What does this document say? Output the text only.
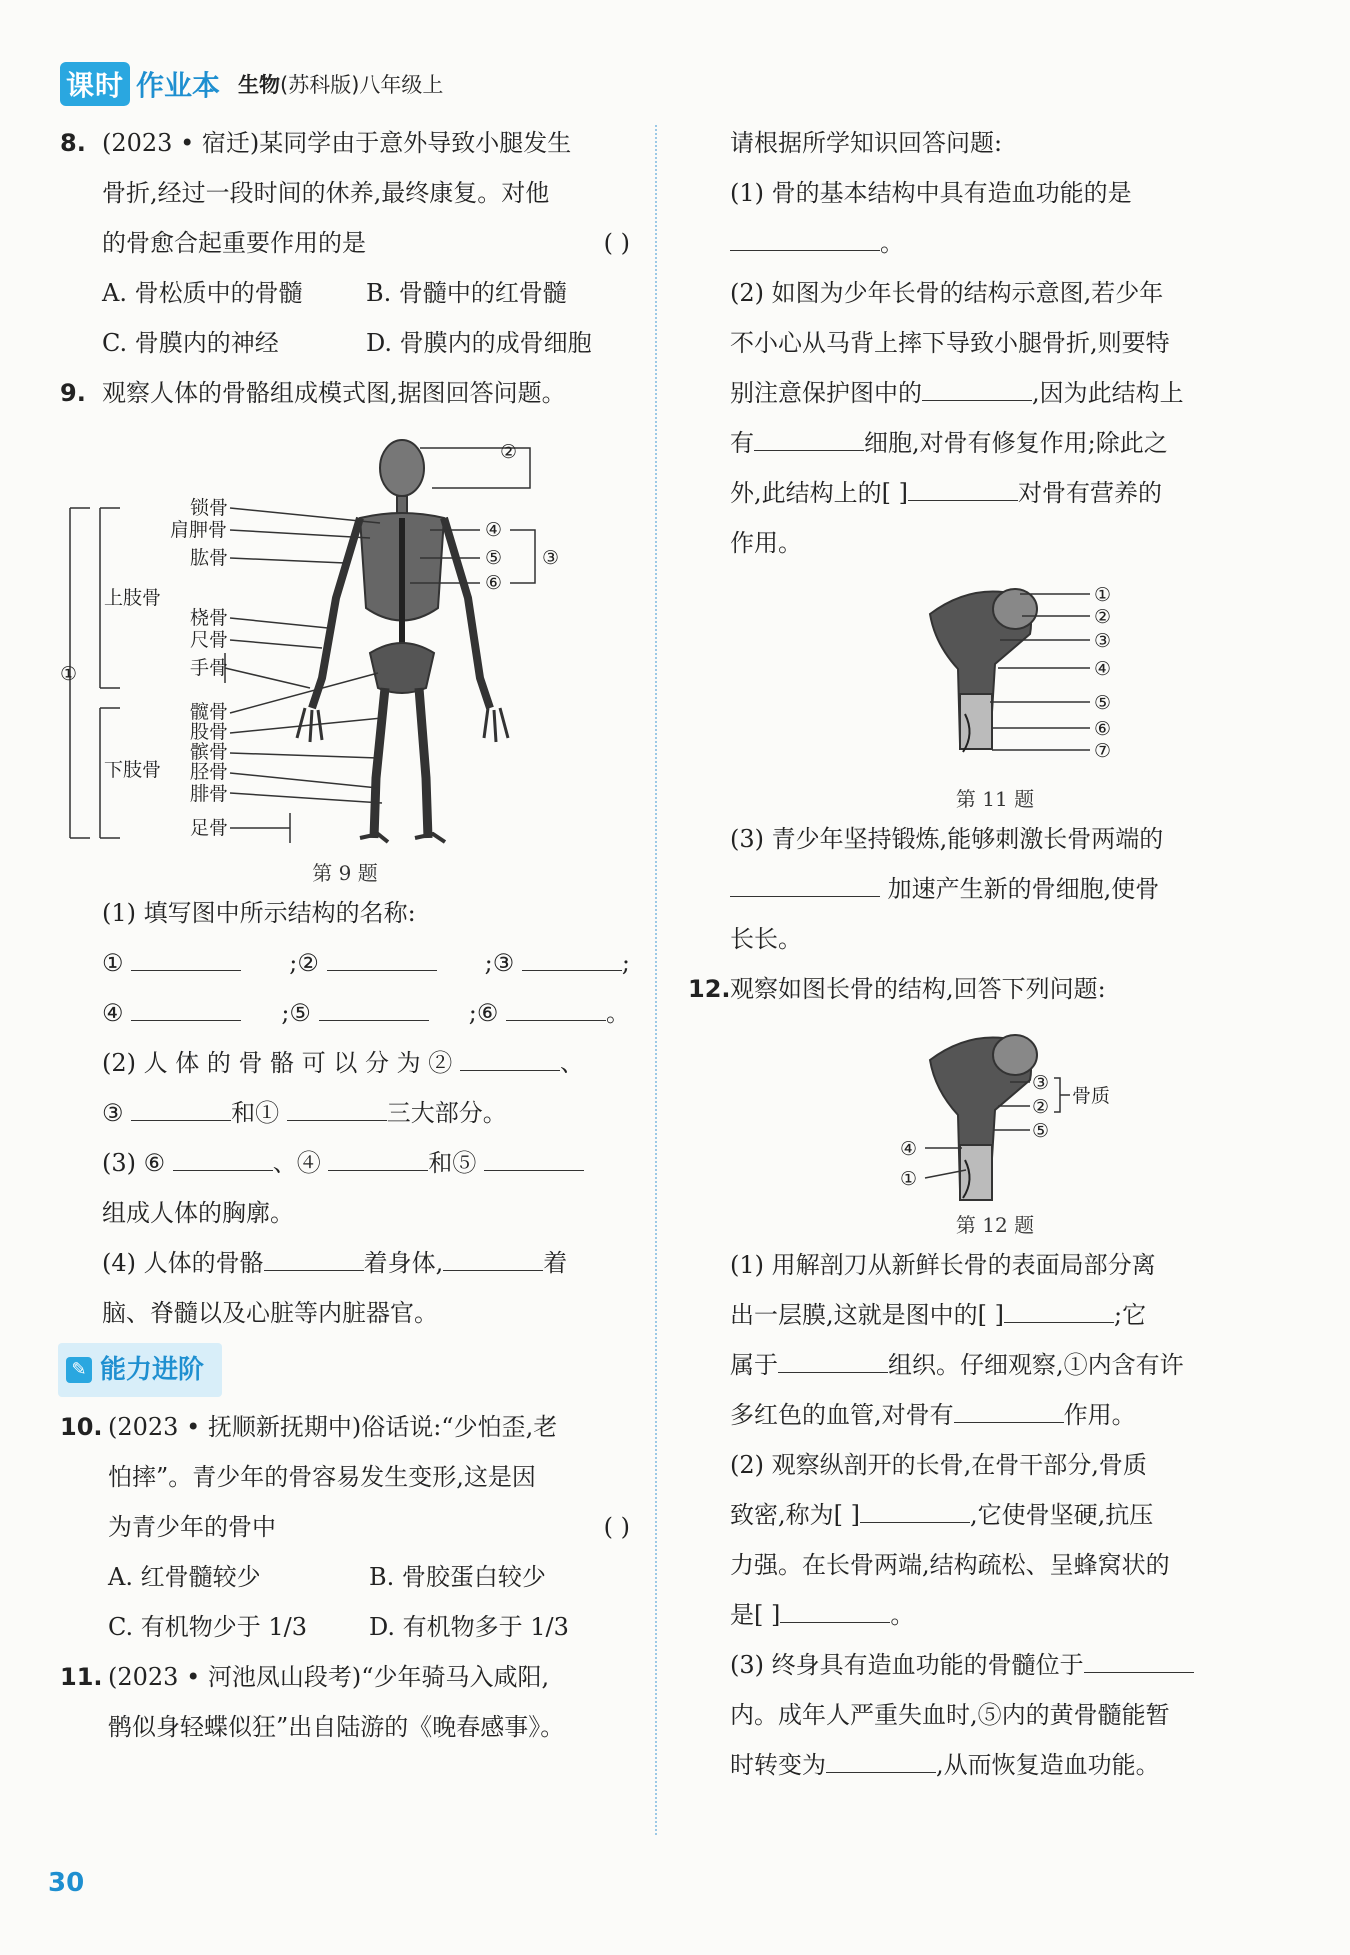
课时 作业本 生物(苏科版)八年级上
8. (2023 • 宿迁)某同学由于意外导致小腿发生
骨折,经过一段时间的休养,最终康复。对他
的骨愈合起重要作用的是	( )
A. 骨松质中的骨髓	B. 骨髓中的红骨髓
C. 骨膜内的神经	D. 骨膜内的成骨细胞
9. 观察人体的骨骼组成模式图,据图回答问题。
②
锁骨
肩胛骨
肱骨
上肢骨
桡骨
尺骨
手骨
①
髋骨
股骨
髌骨
下肢骨 胫骨
腓骨
足骨
④
⑤
⑥
③
第 9 题
(1) 填写图中所示结构的名称:
①	;②	;③	;
④	;⑤	;⑥	。
(2) 人 体 的 骨 骼 可 以 分 为 ②	、
③	和①	三大部分。
(3) ⑥	、④	和⑤
组成人体的胸廓。
(4) 人体的骨骼	着身体,	着
脑、脊髓以及心脏等内脏器官。
✎ 能力进阶
10. (2023 • 抚顺新抚期中)俗话说:“少怕歪,老
怕摔”。青少年的骨容易发生变形,这是因
为青少年的骨中	( )
A. 红骨髓较少	B. 骨胶蛋白较少
C. 有机物少于 1/3	D. 有机物多于 1/3
11. (2023 • 河池凤山段考)“少年骑马入咸阳,
鹘似身轻蝶似狂”出自陆游的《晚春感事》。
请根据所学知识回答问题:
(1) 骨的基本结构中具有造血功能的是
。
(2) 如图为少年长骨的结构示意图,若少年
不小心从马背上摔下导致小腿骨折,则要特
别注意保护图中的	,因为此结构上
有	细胞,对骨有修复作用;除此之
外,此结构上的[ ]	对骨有营养的
作用。
①
②
③
④
⑤
⑥
⑦
第 11 题
(3) 青少年坚持锻炼,能够刺激长骨两端的
加速产生新的骨细胞,使骨
长长。
12. 观察如图长骨的结构,回答下列问题:
③
②
⑤
④
①
骨质
第 12 题
(1) 用解剖刀从新鲜长骨的表面局部分离
出一层膜,这就是图中的[ ]	;它
属于	组织。仔细观察,①内含有许
多红色的血管,对骨有	作用。
(2) 观察纵剖开的长骨,在骨干部分,骨质
致密,称为[ ]	,它使骨坚硬,抗压
力强。在长骨两端,结构疏松、呈蜂窝状的
是[ ]	。
(3) 终身具有造血功能的骨髓位于
内。成年人严重失血时,⑤内的黄骨髓能暂
时转变为	,从而恢复造血功能。
30
